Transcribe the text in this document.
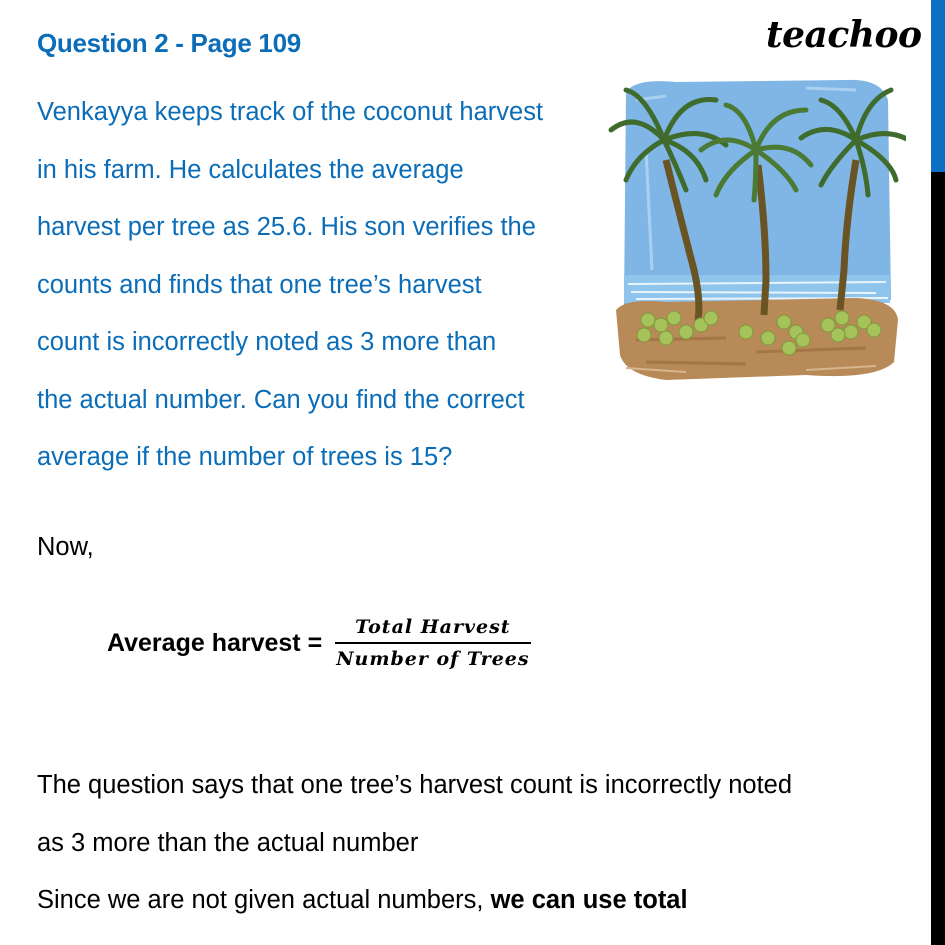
Question 2 - Page 109	teachoo
Venkayya keeps track of the coconut harvest
in his farm. He calculates the average
harvest per tree as 25.6. His son verifies the
counts and finds that one tree’s harvest
count is incorrectly noted as 3 more than
the actual number. Can you find the correct
average if the number of trees is 15?
Now,
Average harvest = $\frac{\text{Total Harvest}}{\text{Number of Trees}}$
The question says that one tree’s harvest count is incorrectly noted
as 3 more than the actual number
Since we are not given actual numbers, we can use total
